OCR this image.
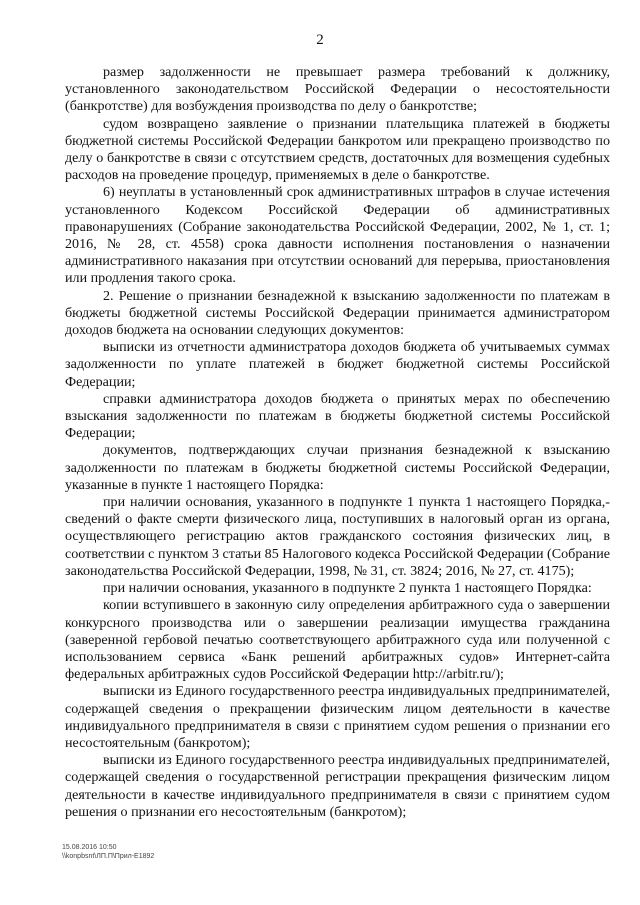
2

размер задолженности не превышает размера требований к должнику, установленного законодательством Российской Федерации о несостоятельности (банкротстве) для возбуждения производства по делу о банкротстве;

судом возвращено заявление о признании плательщика платежей в бюджеты бюджетной системы Российской Федерации банкротом или прекращено производство по делу о банкротстве в связи с отсутствием средств, достаточных для возмещения судебных расходов на проведение процедур, применяемых в деле о банкротстве.

6) неуплаты в установленный срок административных штрафов в случае истечения установленного Кодексом Российской Федерации об административных правонарушениях (Собрание законодательства Российской Федерации, 2002, № 1, ст. 1; 2016, № 28, ст. 4558) срока давности исполнения постановления о назначении административного наказания при отсутствии оснований для перерыва, приостановления или продления такого срока.

2. Решение о признании безнадежной к взысканию задолженности по платежам в бюджеты бюджетной системы Российской Федерации принимается администратором доходов бюджета на основании следующих документов:

выписки из отчетности администратора доходов бюджета об учитываемых суммах задолженности по уплате платежей в бюджет бюджетной системы Российской Федерации;

справки администратора доходов бюджета о принятых мерах по обеспечению взыскания задолженности по платежам в бюджеты бюджетной системы Российской Федерации;

документов, подтверждающих случаи признания безнадежной к взысканию задолженности по платежам в бюджеты бюджетной системы Российской Федерации, указанные в пункте 1 настоящего Порядка:

при наличии основания, указанного в подпункте 1 пункта 1 настоящего Порядка,- сведений о факте смерти физического лица, поступивших в налоговый орган из органа, осуществляющего регистрацию актов гражданского состояния физических лиц, в соответствии с пунктом 3 статьи 85 Налогового кодекса Российской Федерации (Собрание законодательства Российской Федерации, 1998, № 31, ст. 3824; 2016, № 27, ст. 4175);

при наличии основания, указанного в подпункте 2 пункта 1 настоящего Порядка:

копии вступившего в законную силу определения арбитражного суда о завершении конкурсного производства или о завершении реализации имущества гражданина (заверенной гербовой печатью соответствующего арбитражного суда или полученной с использованием сервиса «Банк решений арбитражных судов» Интернет-сайта федеральных арбитражных судов Российской Федерации http://arbitr.ru/);

выписки из Единого государственного реестра индивидуальных предпринимателей, содержащей сведения о прекращении физическим лицом деятельности в качестве индивидуального предпринимателя в связи с принятием судом решения о признании его несостоятельным (банкротом);

выписки из Единого государственного реестра индивидуальных предпринимателей, содержащей сведения о государственной регистрации прекращения физическим лицом деятельности в качестве индивидуального предпринимателя в связи с принятием судом решения о признании его несостоятельным (банкротом);

15.08.2016 10:50
\\konpbsnt\ЛП.П\Прил-Е1892
